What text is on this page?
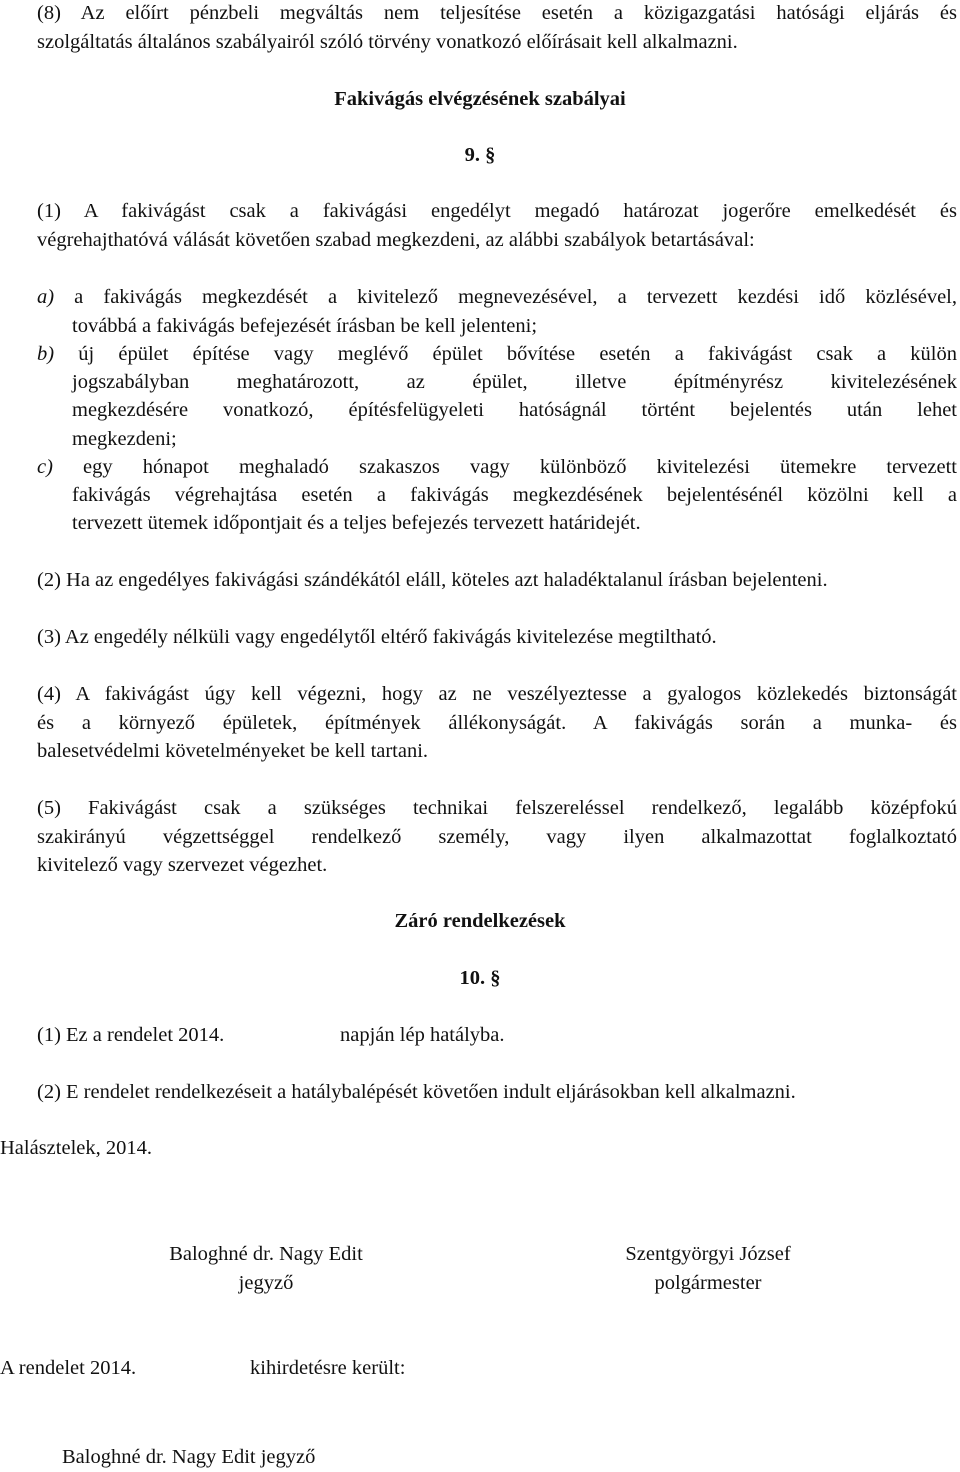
(8) Az előírt pénzbeli megváltás nem teljesítése esetén a közigazgatási hatósági eljárás és
szolgáltatás általános szabályairól szóló törvény vonatkozó előírásait kell alkalmazni.
Fakivágás elvégzésének szabályai
9. §
(1) A fakivágást csak a fakivágási engedélyt megadó határozat jogerőre emelkedését és
végrehajthatóvá válását követően szabad megkezdeni, az alábbi szabályok betartásával:
a) a fakivágás megkezdését a kivitelező megnevezésével, a tervezett kezdési idő közlésével,
továbbá a fakivágás befejezését írásban be kell jelenteni;
b) új épület építése vagy meglévő épület bővítése esetén a fakivágást csak a külön
jogszabályban meghatározott, az épület, illetve építményrész kivitelezésének
megkezdésére vonatkozó, építésfelügyeleti hatóságnál történt bejelentés után lehet
megkezdeni;
c) egy hónapot meghaladó szakaszos vagy különböző kivitelezési ütemekre tervezett
fakivágás végrehajtása esetén a fakivágás megkezdésének bejelentésénél közölni kell a
tervezett ütemek időpontjait és a teljes befejezés tervezett határidejét.
(2) Ha az engedélyes fakivágási szándékától eláll, köteles azt haladéktalanul írásban bejelenteni.
(3) Az engedély nélküli vagy engedélytől eltérő fakivágás kivitelezése megtiltható.
(4) A fakivágást úgy kell végezni, hogy az ne veszélyeztesse a gyalogos közlekedés biztonságát
és a környező épületek, építmények állékonyságát. A fakivágás során a munka- és
balesetvédelmi követelményeket be kell tartani.
(5) Fakivágást csak a szükséges technikai felszereléssel rendelkező, legalább középfokú
szakirányú végzettséggel rendelkező személy, vagy ilyen alkalmazottat foglalkoztató
kivitelező vagy szervezet végezhet.
Záró rendelkezések
10. §
(1) Ez a rendelet 2014.	napján lép hatályba.
(2) E rendelet rendelkezéseit a hatálybalépését követően indult eljárásokban kell alkalmazni.
Halásztelek, 2014.
Baloghné dr. Nagy Edit
jegyző
Szentgyörgyi József
polgármester
A rendelet 2014.	kihirdetésre került:
Baloghné dr. Nagy Edit jegyző
